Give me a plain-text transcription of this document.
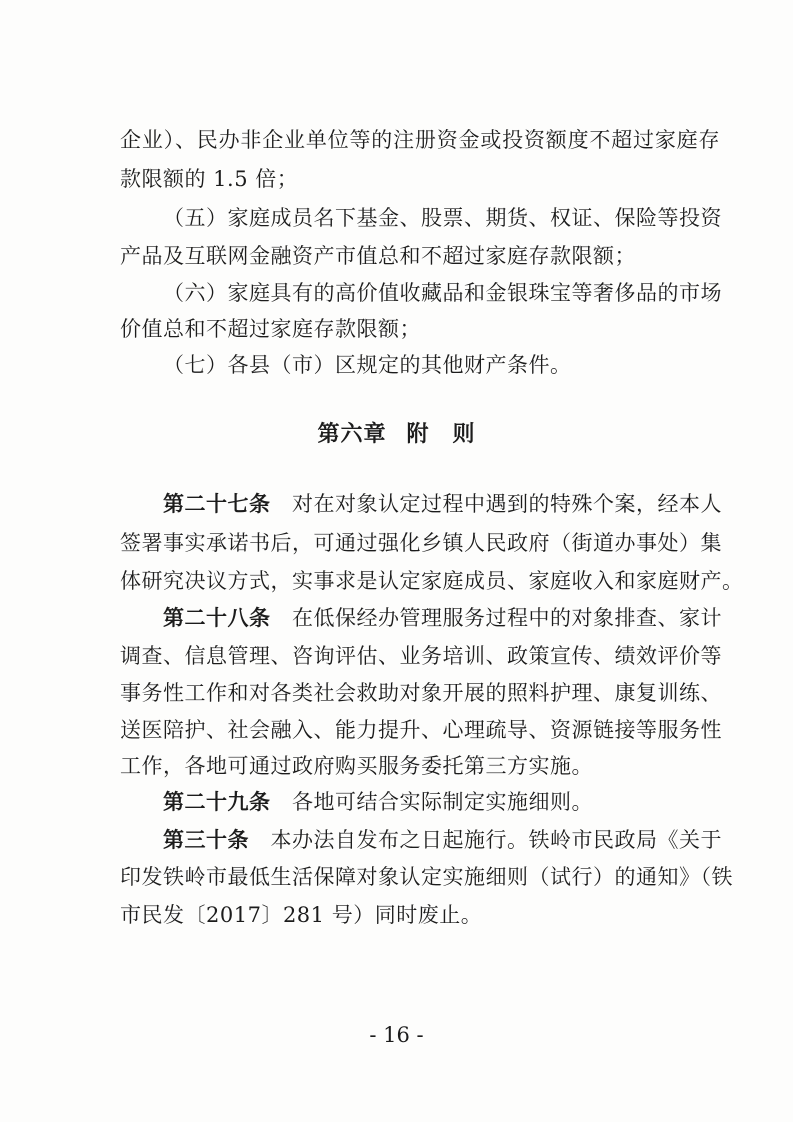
企业）、民办非企业单位等的注册资金或投资额度不超过家庭存
款限额的 1.5 倍；
（五）家庭成员名下基金、股票、期货、权证、保险等投资
产品及互联网金融资产市值总和不超过家庭存款限额；
（六）家庭具有的高价值收藏品和金银珠宝等奢侈品的市场
价值总和不超过家庭存款限额；
（七）各县（市）区规定的其他财产条件。
第六章 附　则
第二十七条　 对在对象认定过程中遇到的特殊个案，经本人
签署事实承诺书后，可通过强化乡镇人民政府（街道办事处）集
体研究决议方式，实事求是认定家庭成员、家庭收入和家庭财产。
第二十八条　 在低保经办管理服务过程中的对象排查、家计
调查、信息管理、咨询评估、业务培训、政策宣传、绩效评价等
事务性工作和对各类社会救助对象开展的照料护理、康复训练、
送医陪护、社会融入、能力提升、心理疏导、资源链接等服务性
工作，各地可通过政府购买服务委托第三方实施。
第二十九条　 各地可结合实际制定实施细则。
第三十条　 本办法自发布之日起施行。铁岭市民政局《关于
印发铁岭市最低生活保障对象认定实施细则（试行）的通知》（铁
市民发〔2017〕281 号）同时废止。
- 16 -
